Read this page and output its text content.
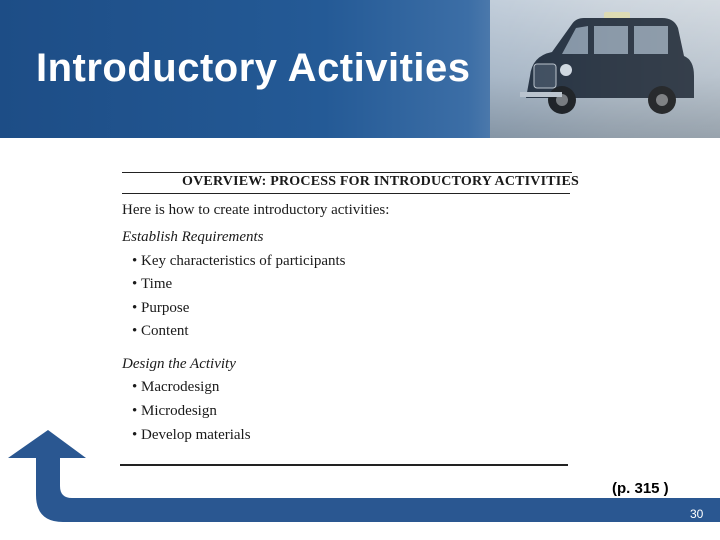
Introductory Activities
OVERVIEW: PROCESS FOR INTRODUCTORY ACTIVITIES
Here is how to create introductory activities:
Establish Requirements
• Key characteristics of participants
• Time
• Purpose
• Content
Design the Activity
• Macrodesign
• Microdesign
• Develop materials
(p. 315 )
30
